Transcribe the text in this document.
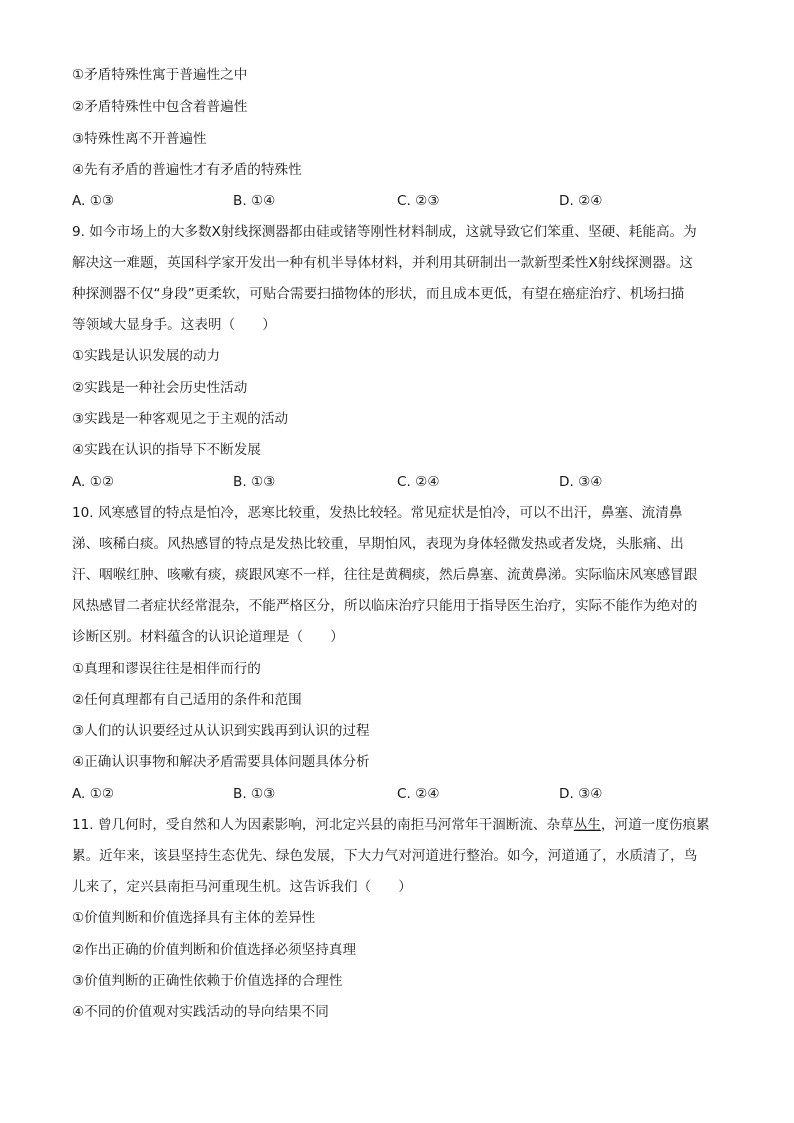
①矛盾特殊性寓于普遍性之中
②矛盾特殊性中包含着普遍性
③特殊性离不开普遍性
④先有矛盾的普遍性才有矛盾的特殊性
A. ①③	B. ①④	C. ②③	D. ②④
9. 如今市场上的大多数X射线探测器都由硅或锗等刚性材料制成，这就导致它们笨重、坚硬、耗能高。为
解决这一难题，英国科学家开发出一种有机半导体材料，并利用其研制出一款新型柔性X射线探测器。这
种探测器不仅“身段”更柔软，可贴合需要扫描物体的形状，而且成本更低，有望在癌症治疗、机场扫描
等领域大显身手。这表明（　　）
①实践是认识发展的动力
②实践是一种社会历史性活动
③实践是一种客观见之于主观的活动
④实践在认识的指导下不断发展
A. ①②	B. ①③	C. ②④	D. ③④
10. 风寒感冒的特点是怕冷，恶寒比较重，发热比较轻。常见症状是怕冷，可以不出汗，鼻塞、流清鼻
涕、咳稀白痰。风热感冒的特点是发热比较重，早期怕风，表现为身体轻微发热或者发烧，头胀痛、出
汗、咽喉红肿、咳嗽有痰，痰跟风寒不一样，往往是黄稠痰，然后鼻塞、流黄鼻涕。实际临床风寒感冒跟
风热感冒二者症状经常混杂，不能严格区分，所以临床治疗只能用于指导医生治疗，实际不能作为绝对的
诊断区别。材料蕴含的认识论道理是（　　）
①真理和谬误往往是相伴而行的
②任何真理都有自己适用的条件和范围
③人们的认识要经过从认识到实践再到认识的过程
④正确认识事物和解决矛盾需要具体问题具体分析
A. ①②	B. ①③	C. ②④	D. ③④
11. 曾几何时，受自然和人为因素影响，河北定兴县的南拒马河常年干涸断流、杂草丛生，河道一度伤痕累
累。近年来，该县坚持生态优先、绿色发展，下大力气对河道进行整治。如今，河道通了，水质清了，鸟
儿来了，定兴县南拒马河重现生机。这告诉我们（　　）
①价值判断和价值选择具有主体的差异性
②作出正确的价值判断和价值选择必须坚持真理
③价值判断的正确性依赖于价值选择的合理性
④不同的价值观对实践活动的导向结果不同
